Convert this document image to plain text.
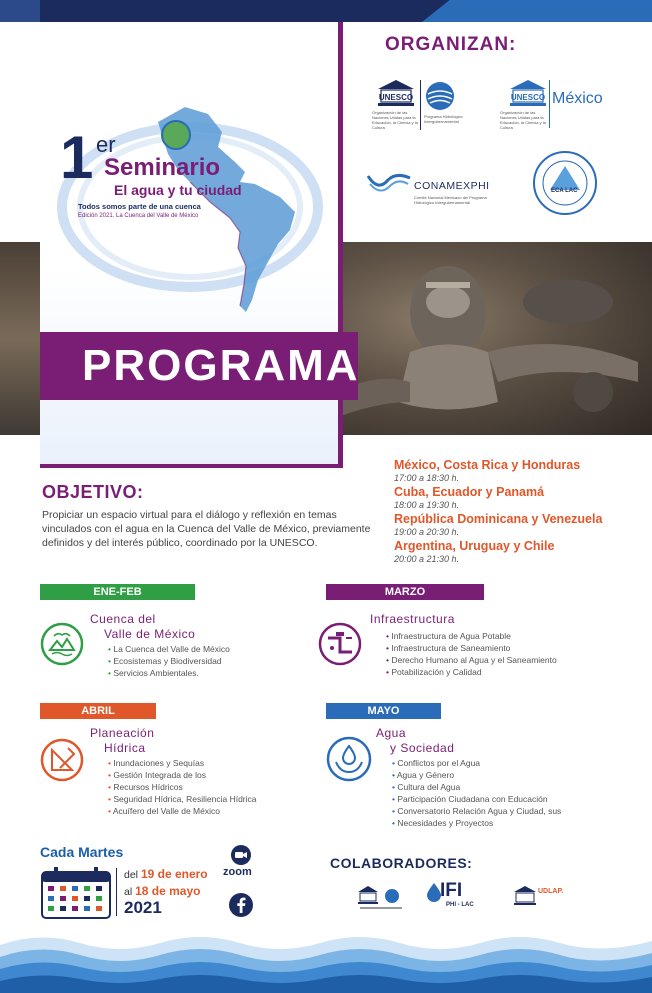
1 er
Seminario
El agua y tu ciudad
Todos somos parte de una cuenca
Edición 2021. La Cuenca del Valle de México
PROGRAMA
ORGANIZAN:
UNESCO
Organización de las Naciones Unidas para la Educación, la Ciencia y la Cultura
Programa Hidrológico Intergubernamental
UNESCO México
Organización de las Naciones Unidas para la Educación, la Ciencia y la Cultura
CONAMEXPHI
Comité Nacional Mexicano del Programa Hidrológico Intergubernamental
ECA LAC
México, Costa Rica y Honduras
17:00 a 18:30 h.
Cuba, Ecuador y Panamá
18:00 a 19:30 h.
República Dominicana y Venezuela
19:00 a 20:30 h.
Argentina, Uruguay y Chile
20:00 a 21:30 h.
OBJETIVO:
Propiciar un espacio virtual para el diálogo y reflexión en temas vinculados con el agua en la Cuenca del Valle de México, previamente definidos y del interés público, coordinado por la UNESCO.
ENE-FEB
Cuenca del
Valle de México
• La Cuenca del Valle de México
• Ecosistemas y Biodiversidad
• Servicios Ambientales.
MARZO
Infraestructura
• Infraestructura de Agua Potable
• Infraestructura de Saneamiento
• Derecho Humano al Agua y el Saneamiento
• Potabilización y Calidad
ABRIL
Planeación
Hídrica
• Inundaciones y Sequías
• Gestión Integrada de los
• Recursos Hídricos
• Seguridad Hídrica, Resiliencia Hídrica
• Acuífero del Valle de México
MAYO
Agua
y Sociedad
• Conflictos por el Agua
• Agua y Género
• Cultura del Agua
• Participación Ciudadana con Educación
• Conversatorio Relación Agua y Ciudad, sus
• Necesidades y Proyectos
Cada Martes
del 19 de enero
al 18 de mayo
2021
zoom
COLABORADORES:
IFI
PHI - LAC
UDLAP.
